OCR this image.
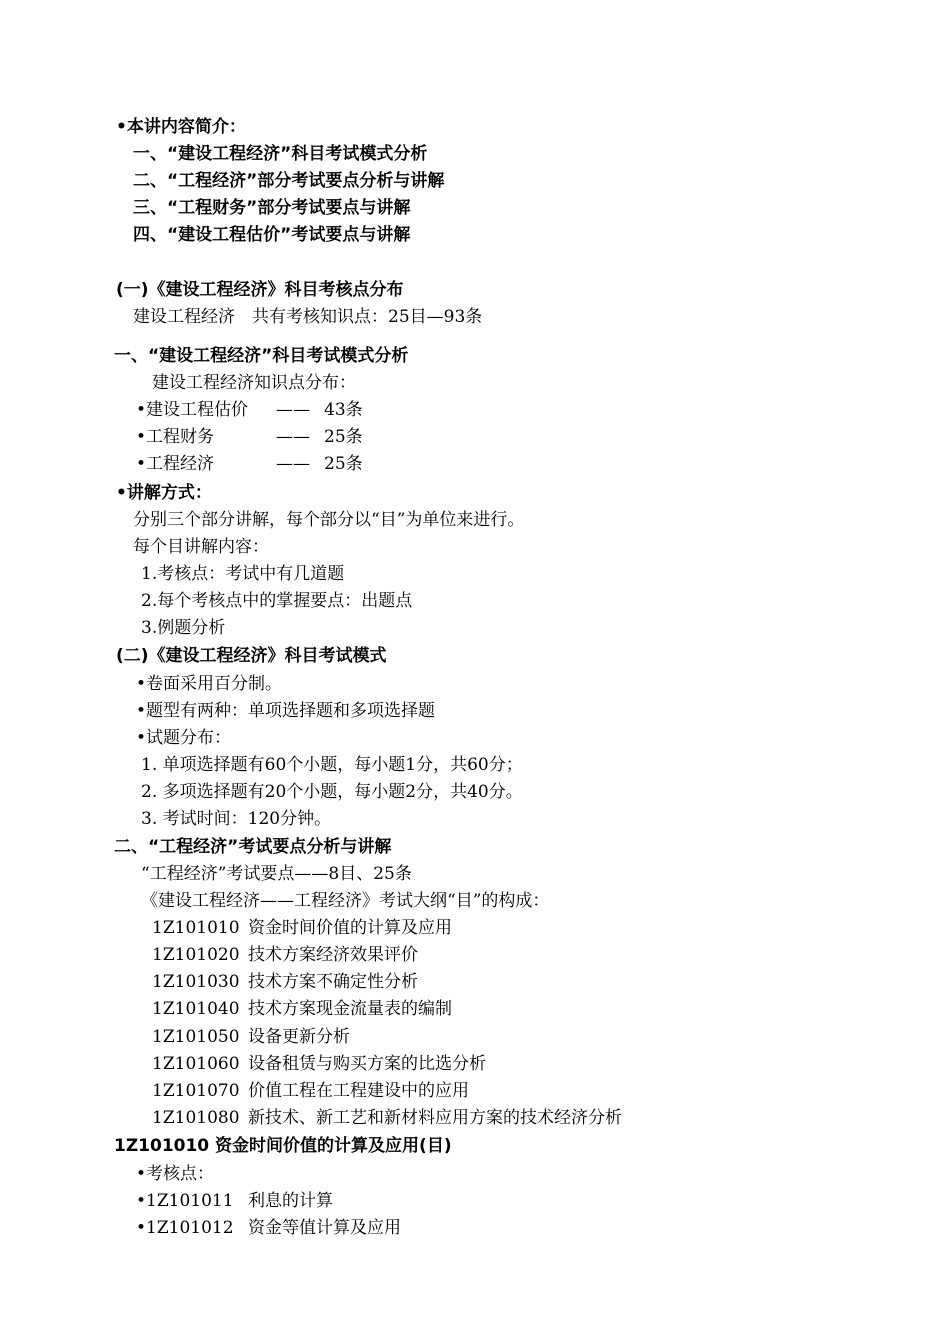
•本讲内容简介：
一、“建设工程经济”科目考试模式分析
二、“工程经济”部分考试要点分析与讲解
三、“工程财务”部分考试要点与讲解
四、“建设工程估价”考试要点与讲解
(一)《建设工程经济》科目考核点分布
建设工程经济　共有考核知识点：25目—93条
一、“建设工程经济”科目考试模式分析
建设工程经济知识点分布：
•建设工程估价 —— 43条
•工程财务	—— 25条
•工程经济	—— 25条
•讲解方式：
分别三个部分讲解，每个部分以“目”为单位来进行。
每个目讲解内容：
1.考核点：考试中有几道题
2.每个考核点中的掌握要点：出题点
3.例题分析
(二)《建设工程经济》科目考试模式
•卷面采用百分制。
•题型有两种：单项选择题和多项选择题
•试题分布：
1. 单项选择题有60个小题，每小题1分，共60分；
2. 多项选择题有20个小题，每小题2分，共40分。
3. 考试时间：120分钟。
二、“工程经济”考试要点分析与讲解
“工程经济”考试要点——8目、25条
《建设工程经济——工程经济》考试大纲“目”的构成：
1Z101010 资金时间价值的计算及应用
1Z101020 技术方案经济效果评价
1Z101030 技术方案不确定性分析
1Z101040 技术方案现金流量表的编制
1Z101050 设备更新分析
1Z101060 设备租赁与购买方案的比选分析
1Z101070 价值工程在工程建设中的应用
1Z101080 新技术、新工艺和新材料应用方案的技术经济分析
1Z101010 资金时间价值的计算及应用(目)
•考核点：
•1Z101011 利息的计算
•1Z101012 资金等值计算及应用
